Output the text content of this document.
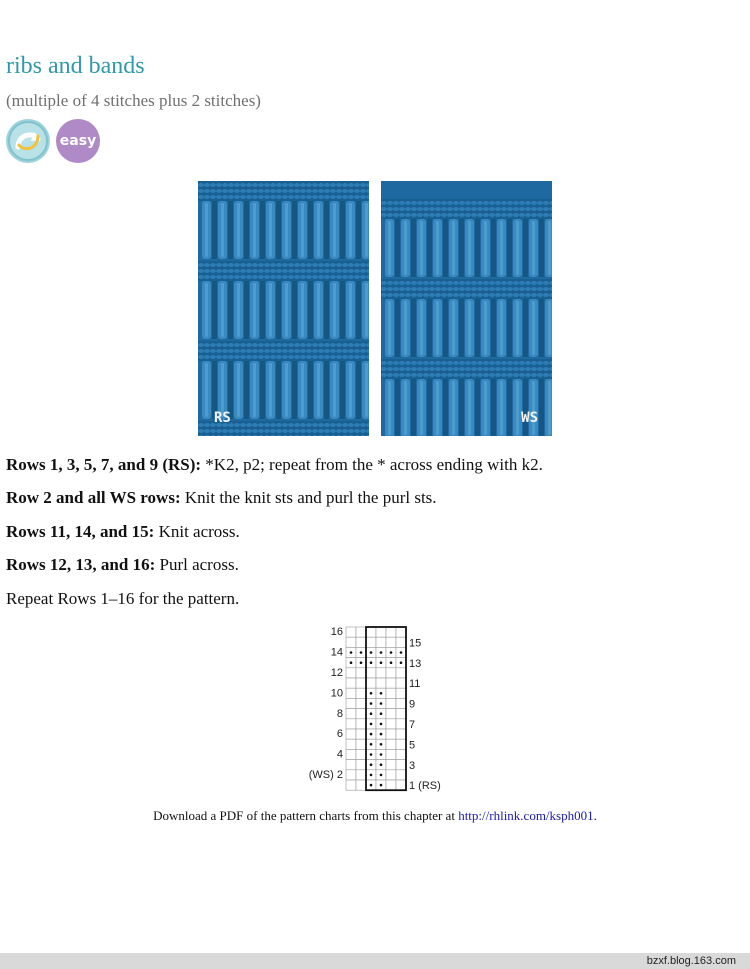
ribs and bands
(multiple of 4 stitches plus 2 stitches)
easy
RS	WS

Rows 1, 3, 5, 7, and 9 (RS): *K2, p2; repeat from the * across ending with k2.

Row 2 and all WS rows: Knit the knit sts and purl the purl sts.

Rows 11, 14, and 15: Knit across.

Rows 12, 13, and 16: Purl across.

Repeat Rows 1–16 for the pattern.

16
14
12
10
8
6
4
(WS) 2
15
13
11
9
7
5
3
1 (RS)
Download a PDF of the pattern charts from this chapter at http://rhlink.com/ksph001.
bzxf.blog.163.com
